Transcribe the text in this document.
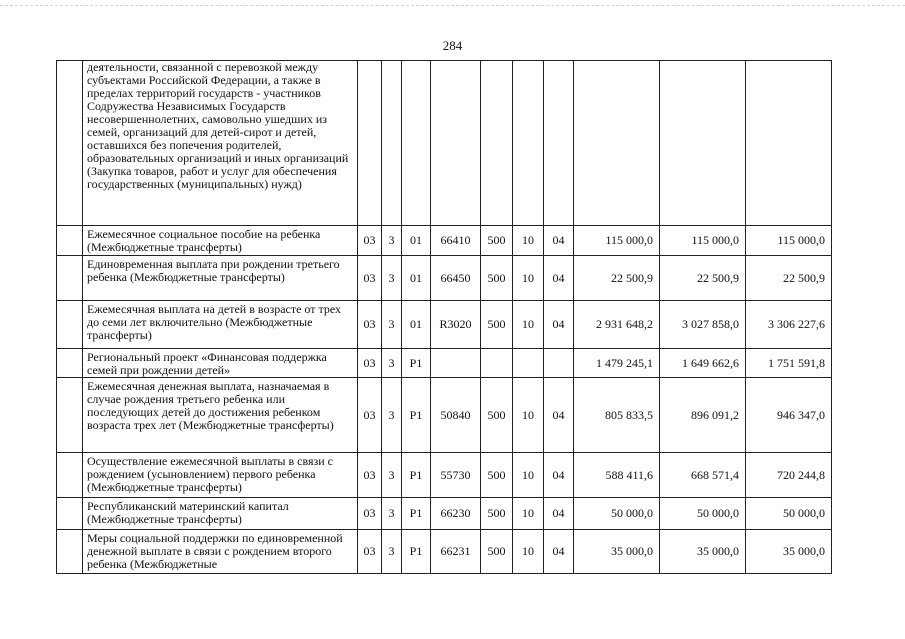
284
	деятельности, связанной с перевозкой между субъектами Российской Федерации, а также в пределах территорий государств - участников Содружества Независимых Государств несовершеннолетних, самовольно ушедших из семей, организаций для детей-сирот и детей, оставшихся без попечения родителей, образовательных организаций и иных организаций (Закупка товаров, работ и услуг для обеспечения государственных (муниципальных) нужд)										
	Ежемесячное социальное пособие на ребенка (Межбюджетные трансферты)	03	3	01	66410	500	10	04	115 000,0	115 000,0	115 000,0
	Единовременная выплата при рождении третьего ребенка (Межбюджетные трансферты)	03	3	01	66450	500	10	04	22 500,9	22 500,9	22 500,9
	Ежемесячная выплата на детей в возрасте от трех до семи лет включительно (Межбюджетные трансферты)	03	3	01	R3020	500	10	04	2 931 648,2	3 027 858,0	3 306 227,6
	Региональный проект «Финансовая поддержка семей при рождении детей»	03	3	P1					1 479 245,1	1 649 662,6	1 751 591,8
	Ежемесячная денежная выплата, назначаемая в случае рождения третьего ребенка или последующих детей до достижения ребенком возраста трех лет (Межбюджетные трансферты)	03	3	P1	50840	500	10	04	805 833,5	896 091,2	946 347,0
	Осуществление ежемесячной выплаты в связи с рождением (усыновлением) первого ребенка (Межбюджетные трансферты)	03	3	P1	55730	500	10	04	588 411,6	668 571,4	720 244,8
	Республиканский материнский капитал (Межбюджетные трансферты)	03	3	P1	66230	500	10	04	50 000,0	50 000,0	50 000,0
	Меры социальной поддержки по единовременной денежной выплате в связи с рождением второго ребенка (Межбюджетные	03	3	P1	66231	500	10	04	35 000,0	35 000,0	35 000,0
